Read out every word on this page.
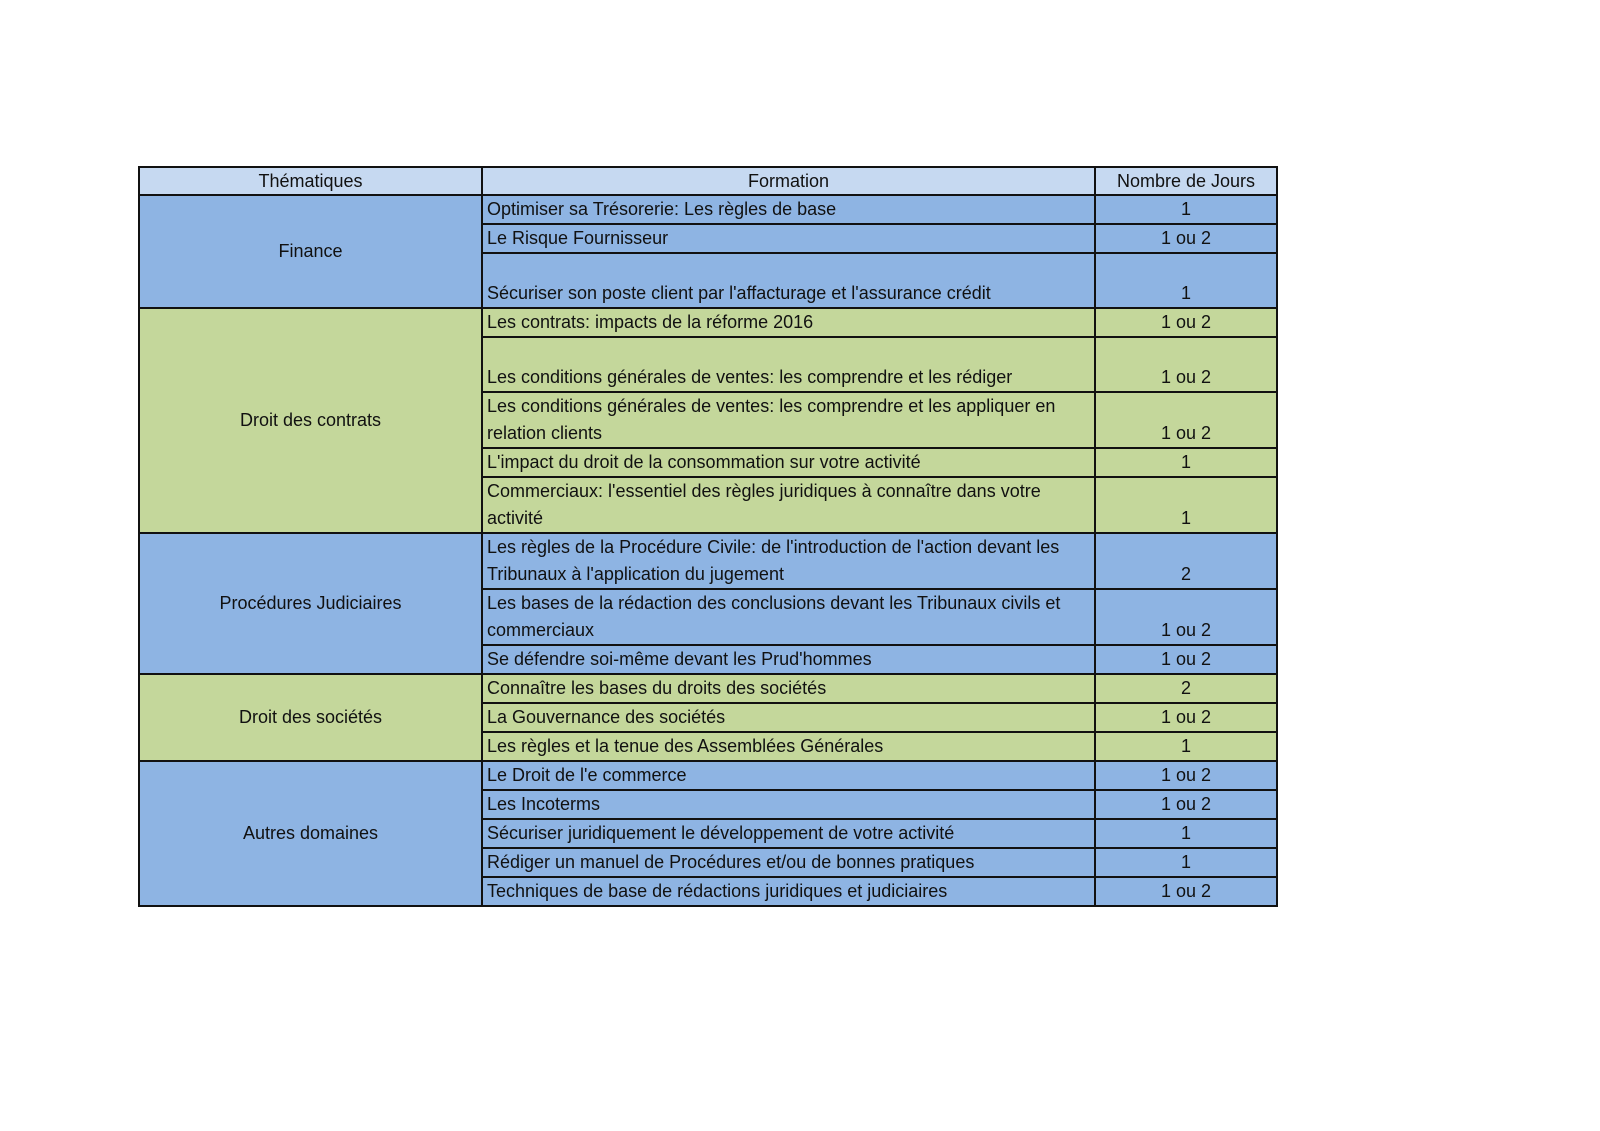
Thématiques	Formation	Nombre de Jours
Finance	Optimiser sa Trésorerie: Les règles de base	1
	Le Risque Fournisseur	1 ou 2
	Sécuriser son poste client par l'affacturage et l'assurance crédit	1
Droit des contrats	Les contrats: impacts de la réforme 2016	1 ou 2
	Les conditions générales de ventes: les comprendre et les rédiger	1 ou 2
	Les conditions générales de ventes: les comprendre et les appliquer en relation clients	1 ou 2
	L'impact du droit de la consommation sur votre activité	1
	Commerciaux: l'essentiel des règles juridiques à connaître dans votre activité	1
Procédures Judiciaires	Les règles de la Procédure Civile: de l'introduction de l'action devant les Tribunaux à l'application du jugement	2
	Les bases de la rédaction des conclusions devant les Tribunaux civils et commerciaux	1 ou 2
	Se défendre soi-même devant les Prud'hommes	1 ou 2
Droit des sociétés	Connaître les bases du droits des sociétés	2
	La Gouvernance des sociétés	1 ou 2
	Les règles et la tenue des Assemblées Générales	1
Autres domaines	Le Droit de l'e commerce	1 ou 2
	Les Incoterms	1 ou 2
	Sécuriser juridiquement le développement de votre activité	1
	Rédiger un manuel de Procédures et/ou de bonnes pratiques	1
	Techniques de base de rédactions juridiques et judiciaires	1 ou 2
